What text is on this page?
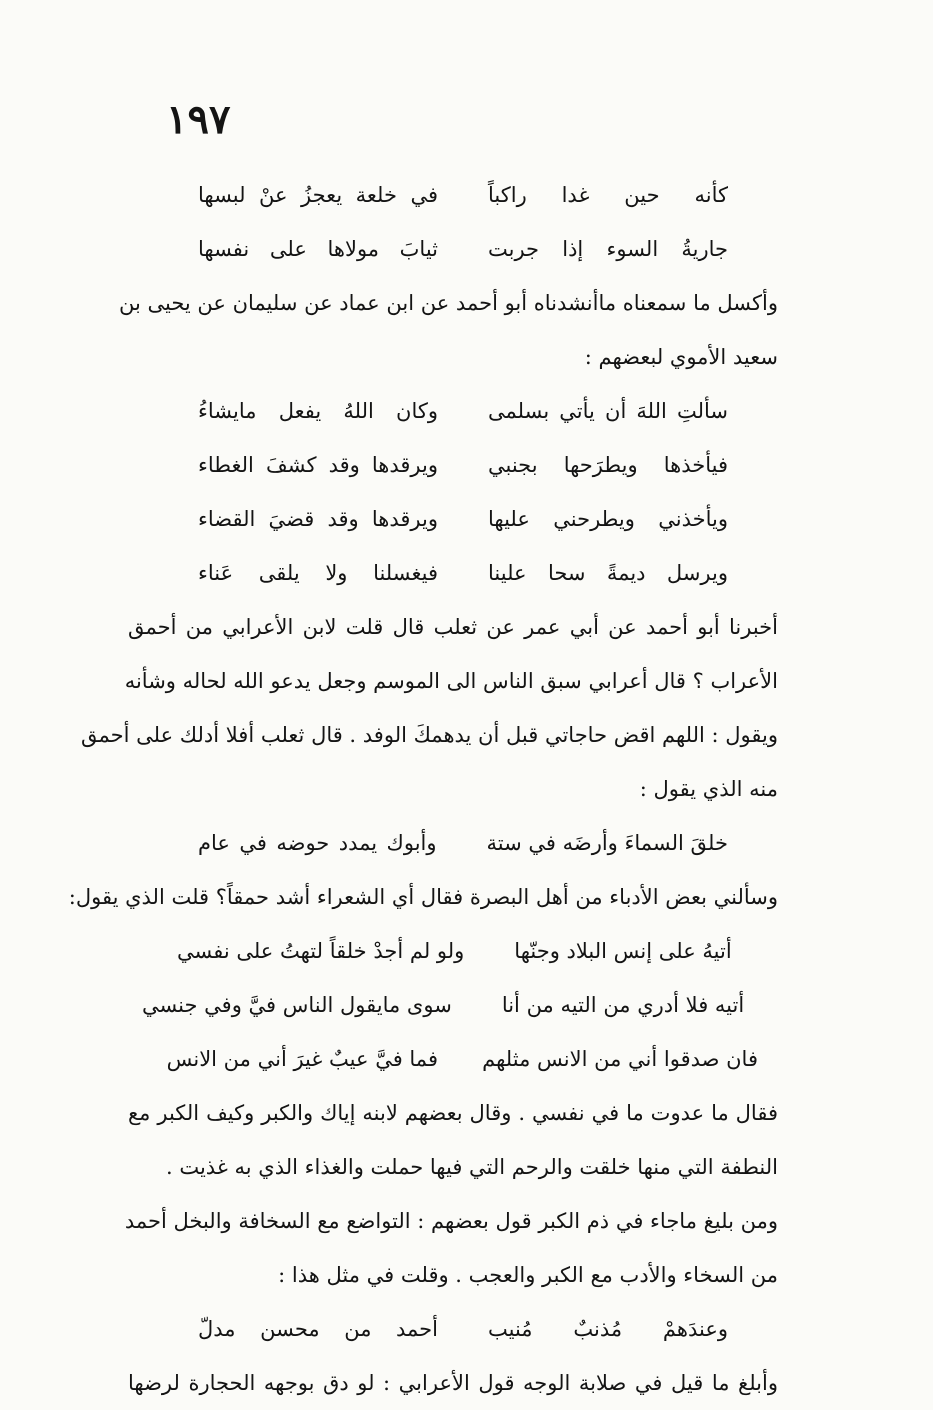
١٩٧
كأنه حين غدا راكباً
في خلعة يعجزُ عنْ لبسها
جاريةُ السوء إذا جربت
ثيابَ مولاها على نفسها
وأكسل ما سمعناه ماأنشدناه أبو أحمد عن ابن عماد عن سليمان عن يحيى بن
سعيد الأموي لبعضهم :
سألتِ اللهَ أن يأتي بسلمى
وكان اللهُ يفعل مايشاءُ
فيأخذها ويطرَحها بجنبي
ويرقدها وقد كشفَ الغطاء
ويأخذني ويطرحني عليها
ويرقدها وقد قضيَ القضاء
ويرسل ديمةً سحا علينا
فيغسلنا ولا يلقى عَناء
أخبرنا أبو أحمد عن أبي عمر عن ثعلب قال قلت لابن الأعرابي من أحمق
الأعراب ؟ قال أعرابي سبق الناس الى الموسم وجعل يدعو الله لحاله وشأنه
ويقول : اللهم اقض حاجاتي قبل أن يدهمكَ الوفد . قال ثعلب أفلا أدلك على أحمق
منه الذي يقول :
خلقَ السماءَ وأرضَه في ستة
وأبوك يمدد حوضه في عام
وسألني بعض الأدباء من أهل البصرة فقال أي الشعراء أشد حمقاً؟ قلت الذي يقول:
أتيهُ على إنس البلاد وجنّها
ولو لم أجدْ خلقاً لتهتُ على نفسي
أتيه فلا أدري من التيه من أنا
سوى مايقول الناس فيَّ وفي جنسي
فان صدقوا أني من الانس مثلهم
فما فيَّ عيبٌ غيرَ أني من الانس
فقال ما عدوت ما في نفسي . وقال بعضهم لابنه إياك والكبر وكيف الكبر مع
النطفة التي منها خلقت والرحم التي فيها حملت والغذاء الذي به غذيت .
ومن بليغ ماجاء في ذم الكبر قول بعضهم : التواضع مع السخافة والبخل أحمد
من السخاء والأدب مع الكبر والعجب . وقلت في مثل هذا :
وعندَهمْ مُذنبٌ مُنيب
أحمد من محسن مدلّ
وأبلغ ما قيل في صلابة الوجه قول الأعرابي : لو دق بوجهه الحجارة لرضها
